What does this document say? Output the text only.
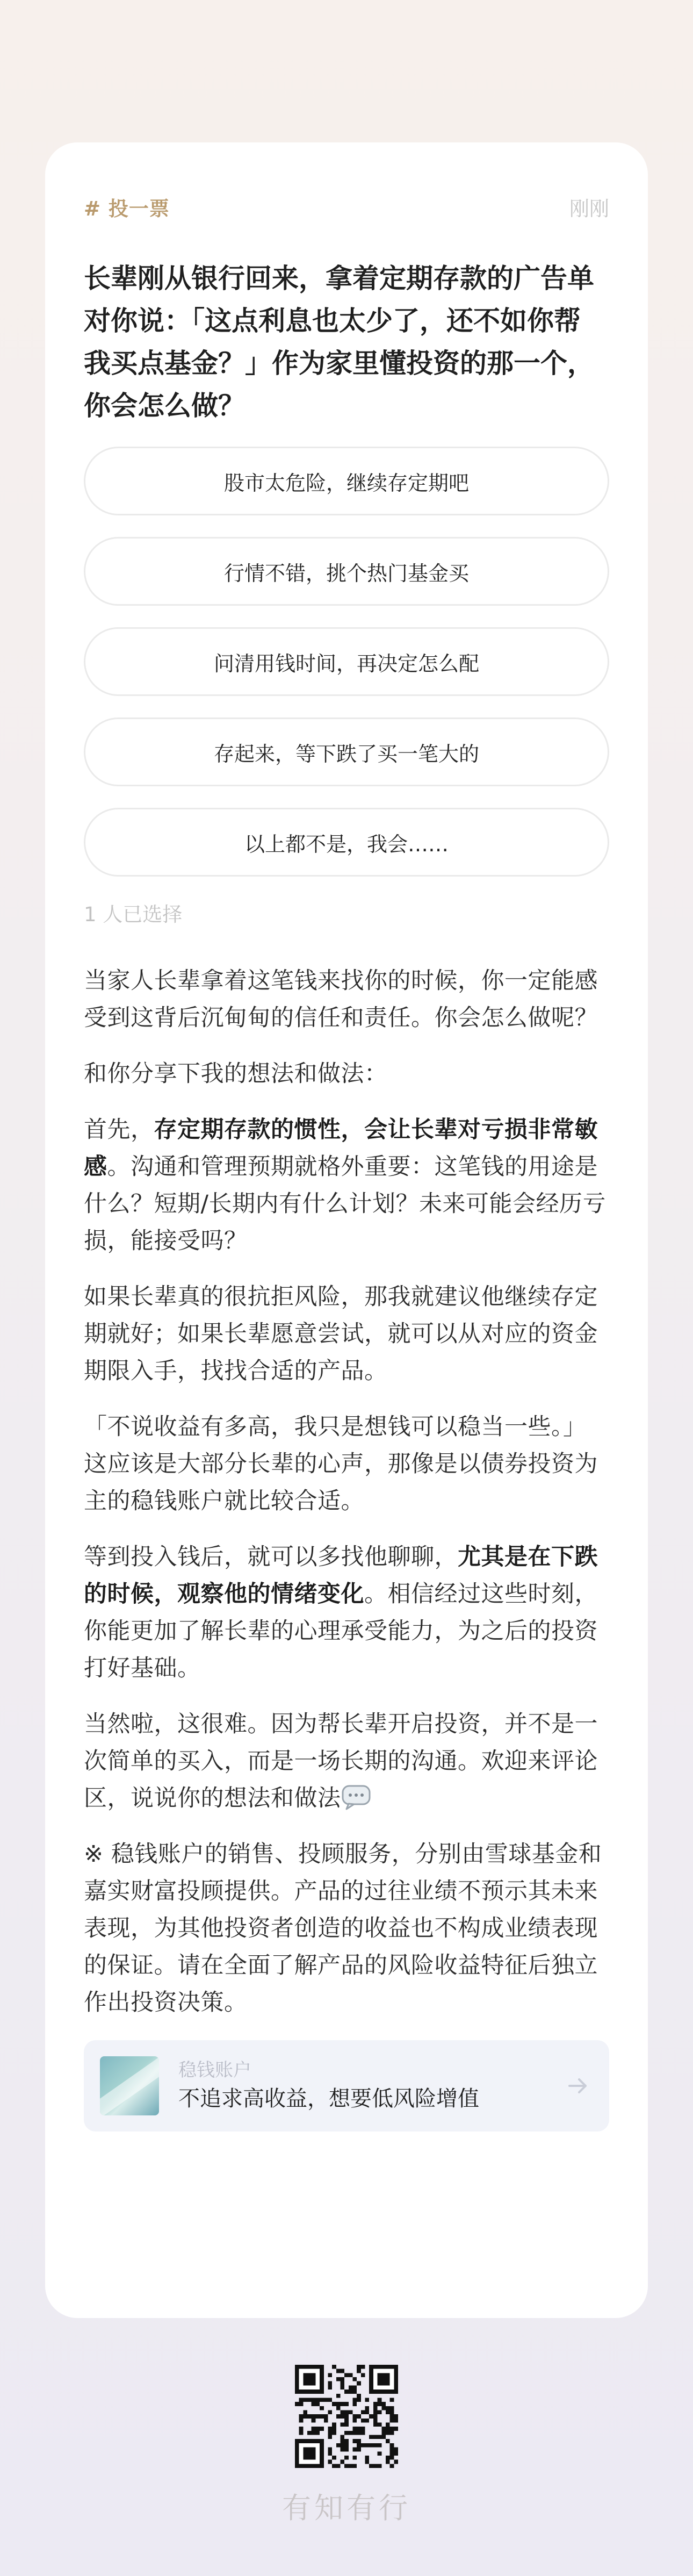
# 投一票	刚刚
长辈刚从银行回来，拿着定期存款的广告单对你说：「这点利息也太少了，还不如你帮我买点基金？」作为家里懂投资的那一个，你会怎么做？
股市太危险，继续存定期吧
行情不错，挑个热门基金买
问清用钱时间，再决定怎么配
存起来，等下跌了买一笔大的
以上都不是，我会……
1 人已选择

当家人长辈拿着这笔钱来找你的时候，你一定能感受到这背后沉甸甸的信任和责任。你会怎么做呢？

和你分享下我的想法和做法：

首先，存定期存款的惯性，会让长辈对亏损非常敏感。沟通和管理预期就格外重要：这笔钱的用途是什么？短期/长期内有什么计划？未来可能会经历亏损，能接受吗？

如果长辈真的很抗拒风险，那我就建议他继续存定期就好；如果长辈愿意尝试，就可以从对应的资金期限入手，找找合适的产品。

「不说收益有多高，我只是想钱可以稳当一些。」这应该是大部分长辈的心声，那像是以债券投资为主的稳钱账户就比较合适。

等到投入钱后，就可以多找他聊聊，尤其是在下跌的时候，观察他的情绪变化。相信经过这些时刻，你能更加了解长辈的心理承受能力，为之后的投资打好基础。

当然啦，这很难。因为帮长辈开启投资，并不是一次简单的买入，而是一场长期的沟通。欢迎来评论区，说说你的想法和做法

※ 稳钱账户的销售、投顾服务，分别由雪球基金和嘉实财富投顾提供。产品的过往业绩不预示其未来表现，为其他投资者创造的收益也不构成业绩表现的保证。请在全面了解产品的风险收益特征后独立作出投资决策。

稳钱账户
不追求高收益，想要低风险增值
有知有行
